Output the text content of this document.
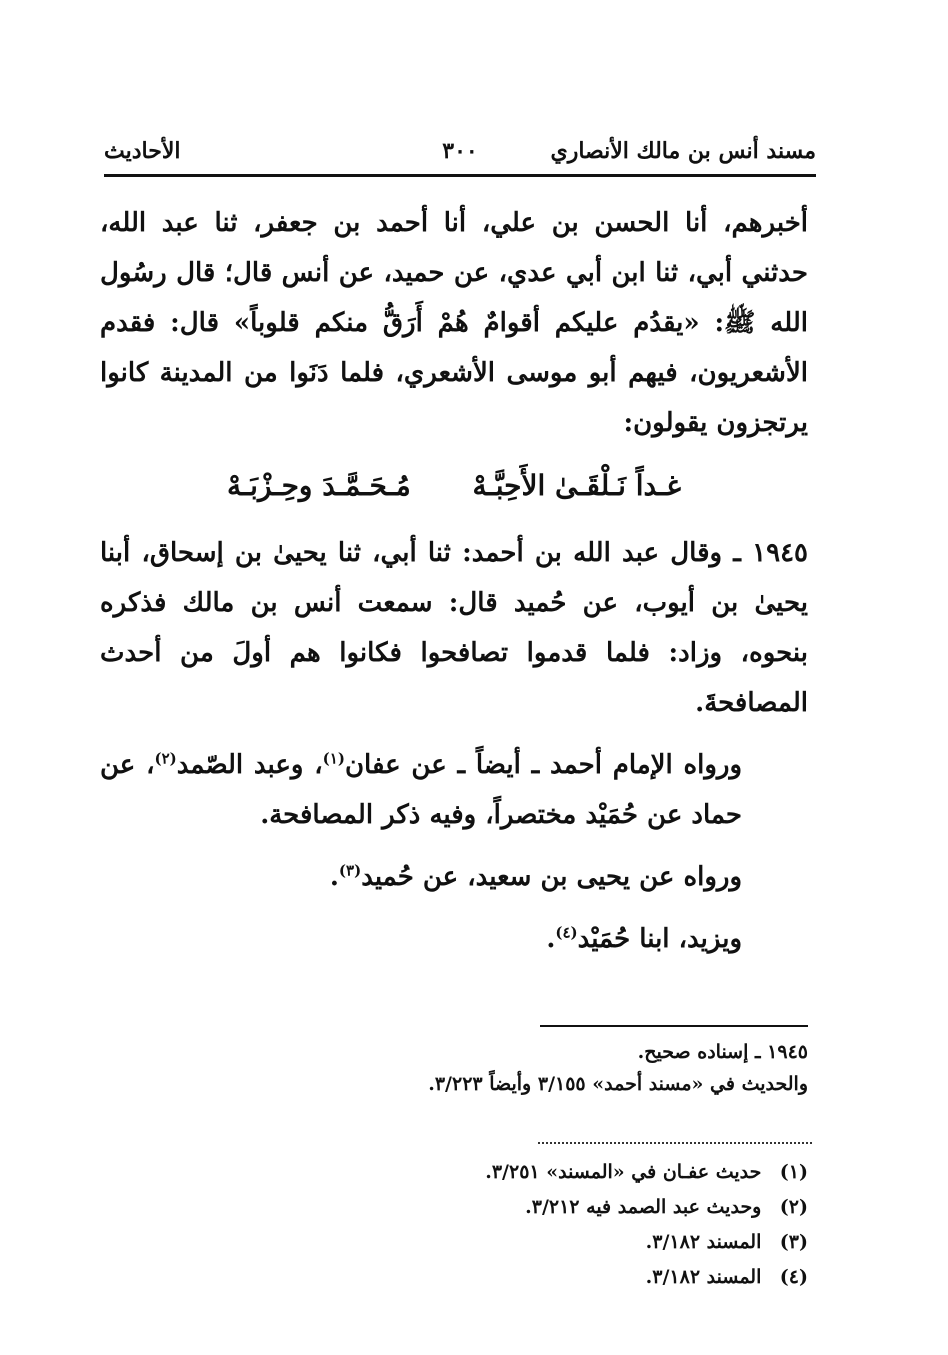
مسند أنس بن مالك الأنصاري
٣٠٠
الأحاديث

أخبرهم، أنا الحسن بن علي، أنا أحمد بن جعفر، ثنا عبد الله، حدثني أبي، ثنا ابن أبي عدي، عن حميد، عن أنس قال؛ قال رسُول الله ﷺ: «يقدُم عليكم أقوامٌ هُمْ أَرَقُّ منكم قلوباً» قال: فقدم الأشعريون، فيهم أبو موسى الأشعري، فلما دَنَوا من المدينة كانوا يرتجزون يقولون:

غـداً نَـلْقَـىٰ الأَحِبَّـهْ مُـحَـمَّـدَ وحِـزْبَـهْ

١٩٤٥ ـ وقال عبد الله بن أحمد: ثنا أبي، ثنا يحيىٰ بن إسحاق، أبنا يحيىٰ بن أيوب، عن حُميد قال: سمعت أنس بن مالك فذكره بنحوه، وزاد: فلما قدموا تصافحوا فكانوا هم أولَ من أحدث المصافحةَ.

ورواه الإمام أحمد ـ أيضاً ـ عن عفان$^{(١)}$، وعبد الصّمد$^{(٢)}$، عن حماد عن حُمَيْد مختصراً، وفيه ذكر المصافحة.

ورواه عن يحيى بن سعيد، عن حُميد$^{(٣)}$.

ويزيد، ابنا حُمَيْد$^{(٤)}$.

١٩٤٥ ـ إسناده صحيح.

والحديث في «مسند أحمد» ٣/١٥٥ وأيضاً ٣/٢٢٣.

(١) حديث عفـان في «المسند» ٣/٢٥١.

(٢) وحديث عبد الصمد فيه ٣/٢١٢.

(٣) المسند ٣/١٨٢.

(٤) المسند ٣/١٨٢.
